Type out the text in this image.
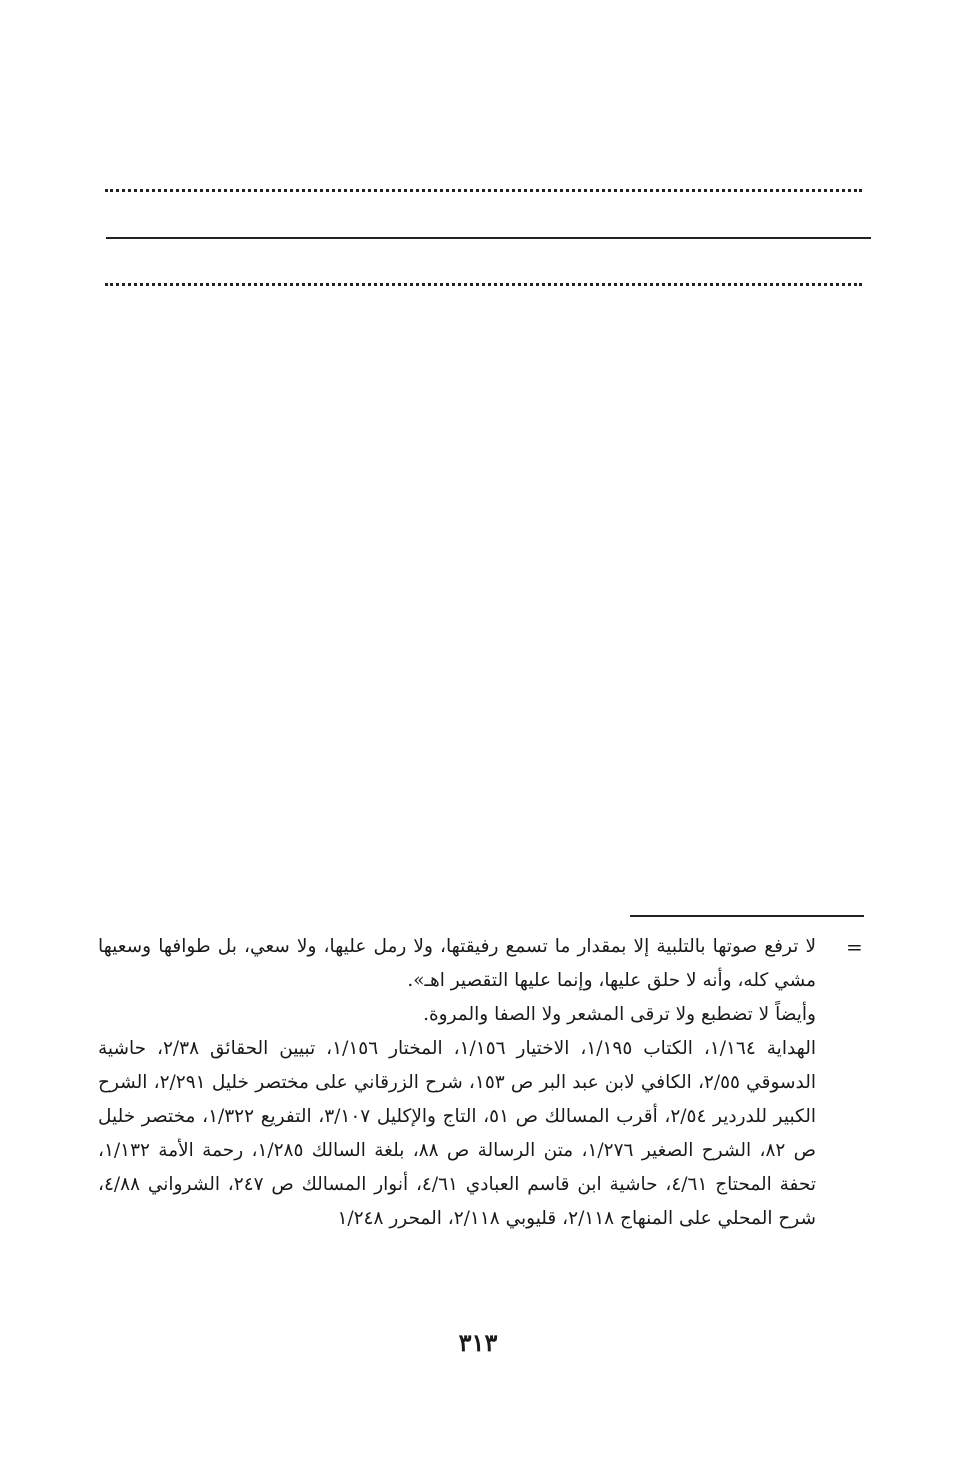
=

لا ترفع صوتها بالتلبية إلا بمقدار ما تسمع رفيقتها، ولا رمل عليها، ولا سعي، بل طوافها وسعيها مشي كله، وأنه لا حلق عليها، وإنما عليها التقصير اهـ».

وأيضاً لا تضطبع ولا ترقى المشعر ولا الصفا والمروة.

الهداية ١/١٦٤، الكتاب ١/١٩٥، الاختيار ١/١٥٦، المختار ١/١٥٦، تبيين الحقائق ٢/٣٨، حاشية الدسوقي ٢/٥٥، الكافي لابن عبد البر ص ١٥٣، شرح الزرقاني على مختصر خليل ٢/٢٩١، الشرح الكبير للدردير ٢/٥٤، أقرب المسالك ص ٥١، التاج والإكليل ٣/١٠٧، التفريع ١/٣٢٢، مختصر خليل ص ٨٢، الشرح الصغير ١/٢٧٦، متن الرسالة ص ٨٨، بلغة السالك ١/٢٨٥، رحمة الأمة ١/١٣٢، تحفة المحتاج ٤/٦١، حاشية ابن قاسم العبادي ٤/٦١، أنوار المسالك ص ٢٤٧، الشرواني ٤/٨٨، شرح المحلي على المنهاج ٢/١١٨، قليوبي ٢/١١٨، المحرر ١/٢٤٨

٣١٣
